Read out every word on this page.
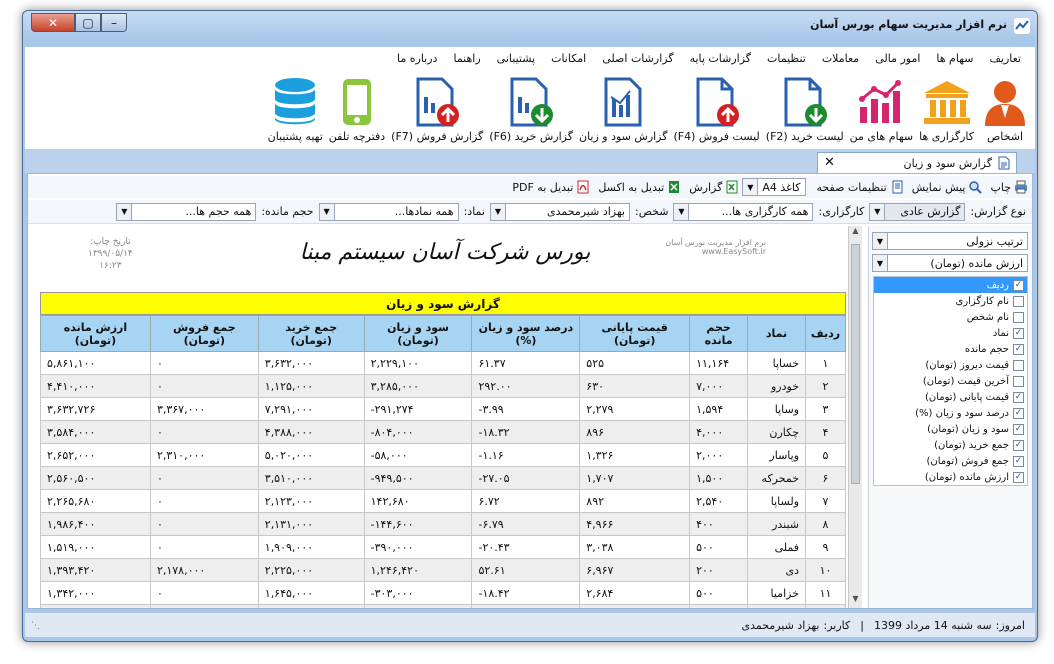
نرم افزار مدیریت سهام بورس آسان
✕	▢	–
تعاریف
سهام ها
امور مالی
معاملات
تنظیمات
گزارشات پایه
گزارشات اصلی
امکانات
پشتیبانی
راهنما
درباره ما
اشخاص
کارگزاری ها
سهام های من
لیست خرید (F2)
لیست فروش (F4)
گزارش سود و زیان
گزارش خرید (F6)
گزارش فروش (F7)
دفترچه تلفن
تهیه پشتیبان
گزارش سود و زیان
✕
چاپ
پیش نمایش
تنظیمات صفحه
کاغذ A4
▼
گزارش
تبدیل به اکسل
تبدیل به PDF
نوع گزارش:
گزارش عادی
▼
کارگزاری:
همه کارگزاری ها...
▼
شخص:
بهزاد شیرمحمدی
▼
نماد:
همه نمادها...
▼
حجم مانده:
همه حجم ها...
▼
نرم افزار مدیریت بورس آسان
www.EasySoft.ir
بورس شرکت آسان سیستم مبنا
تاریخ چاپ:
۱۳۹۹/۰۵/۱۴
۱۶:۲۳
گزارش سود و زیان
ردیف	نماد	حجم مانده	قیمت پایانی (تومان)	درصد سود و زیان (%)	سود و زیان (تومان)	جمع خرید (تومان)	جمع فروش (تومان)	ارزش مانده (تومان)
۱	خساپا	۱۱,۱۶۴	۵۲۵	۶۱.۳۷	۲,۲۲۹,۱۰۰	۳,۶۳۲,۰۰۰	۰	۵,۸۶۱,۱۰۰
۲	خودرو	۷,۰۰۰	۶۳۰	۲۹۲.۰۰	۳,۲۸۵,۰۰۰	۱,۱۲۵,۰۰۰	۰	۴,۴۱۰,۰۰۰
۳	وساپا	۱,۵۹۴	۲,۲۷۹	-۳.۹۹	-۲۹۱,۲۷۴	۷,۲۹۱,۰۰۰	۳,۳۶۷,۰۰۰	۳,۶۳۲,۷۲۶
۴	چکارن	۴,۰۰۰	۸۹۶	-۱۸.۳۲	-۸۰۴,۰۰۰	۴,۳۸۸,۰۰۰	۰	۳,۵۸۴,۰۰۰
۵	وپاسار	۲,۰۰۰	۱,۳۲۶	-۱.۱۶	-۵۸,۰۰۰	۵,۰۲۰,۰۰۰	۲,۳۱۰,۰۰۰	۲,۶۵۲,۰۰۰
۶	خمحرکه	۱,۵۰۰	۱,۷۰۷	-۲۷.۰۵	-۹۴۹,۵۰۰	۳,۵۱۰,۰۰۰	۰	۲,۵۶۰,۵۰۰
۷	ولساپا	۲,۵۴۰	۸۹۲	۶.۷۲	۱۴۲,۶۸۰	۲,۱۲۳,۰۰۰	۰	۲,۲۶۵,۶۸۰
۸	شبندر	۴۰۰	۴,۹۶۶	-۶.۷۹	-۱۴۴,۶۰۰	۲,۱۳۱,۰۰۰	۰	۱,۹۸۶,۴۰۰
۹	فملی	۵۰۰	۳,۰۳۸	-۲۰.۴۳	-۳۹۰,۰۰۰	۱,۹۰۹,۰۰۰	۰	۱,۵۱۹,۰۰۰
۱۰	دی	۲۰۰	۶,۹۶۷	۵۲.۶۱	۱,۲۴۶,۴۲۰	۲,۲۲۵,۰۰۰	۲,۱۷۸,۰۰۰	۱,۳۹۳,۴۲۰
۱۱	خزامیا	۵۰۰	۲,۶۸۴	-۱۸.۴۲	-۳۰۳,۰۰۰	۱,۶۴۵,۰۰۰	۰	۱,۳۴۲,۰۰۰

▲
▼
ترتیب نزولی
▼
ارزش مانده (تومان)
▼
✓
ردیف
نام کارگزاری
نام شخص
✓
نماد
✓
حجم مانده
قیمت دیروز (تومان)
آخرین قیمت (تومان)
✓
قیمت پایانی (تومان)
✓
درصد سود و زیان (%)
✓
سود و زیان (تومان)
✓
جمع خرید (تومان)
✓
جمع فروش (تومان)
✓
ارزش مانده (تومان)
امروز:
سه شنبه 14 مرداد 1399
|
کاربر:
بهزاد شیرمحمدی
⋰
